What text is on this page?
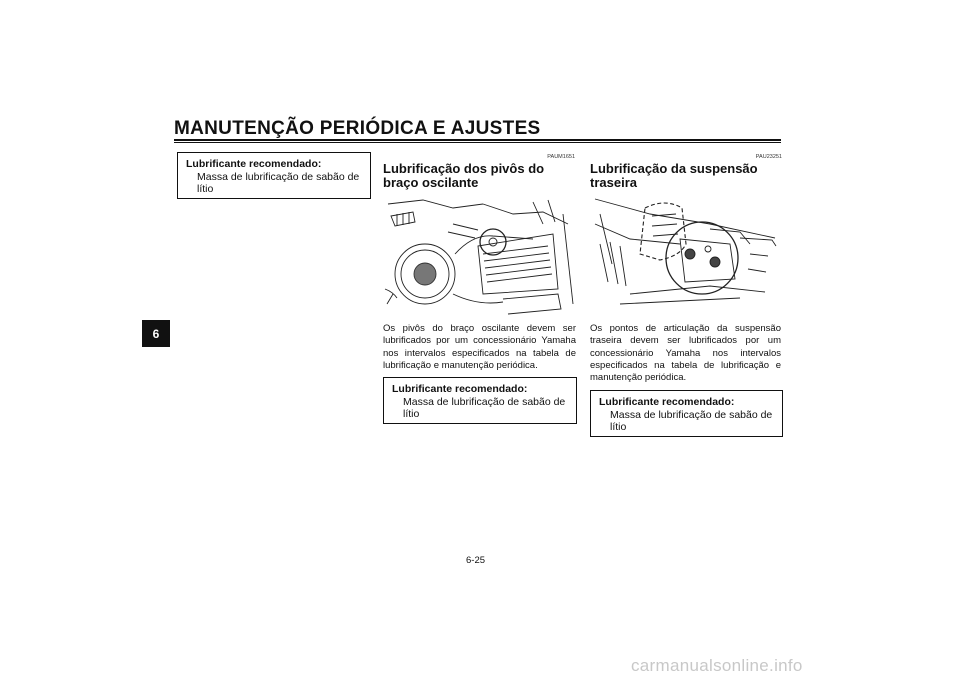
MANUTENÇÃO PERIÓDICA E AJUSTES
6
Lubrificante recomendado:
Massa de lubrificação de sabão de lítio
PAUM1651
Lubrificação dos pivôs do braço oscilante
Os pivôs do braço oscilante devem ser lubrificados por um concessionário Yamaha nos intervalos especificados na tabela de lubrificação e manutenção periódica.
Lubrificante recomendado:
Massa de lubrificação de sabão de lítio
PAU23251
Lubrificação da suspensão traseira
Os pontos de articulação da suspensão traseira devem ser lubrificados por um concessionário Yamaha nos intervalos especificados na tabela de lubrificação e manutenção periódica.
Lubrificante recomendado:
Massa de lubrificação de sabão de lítio
6-25
carmanualsonline.info
